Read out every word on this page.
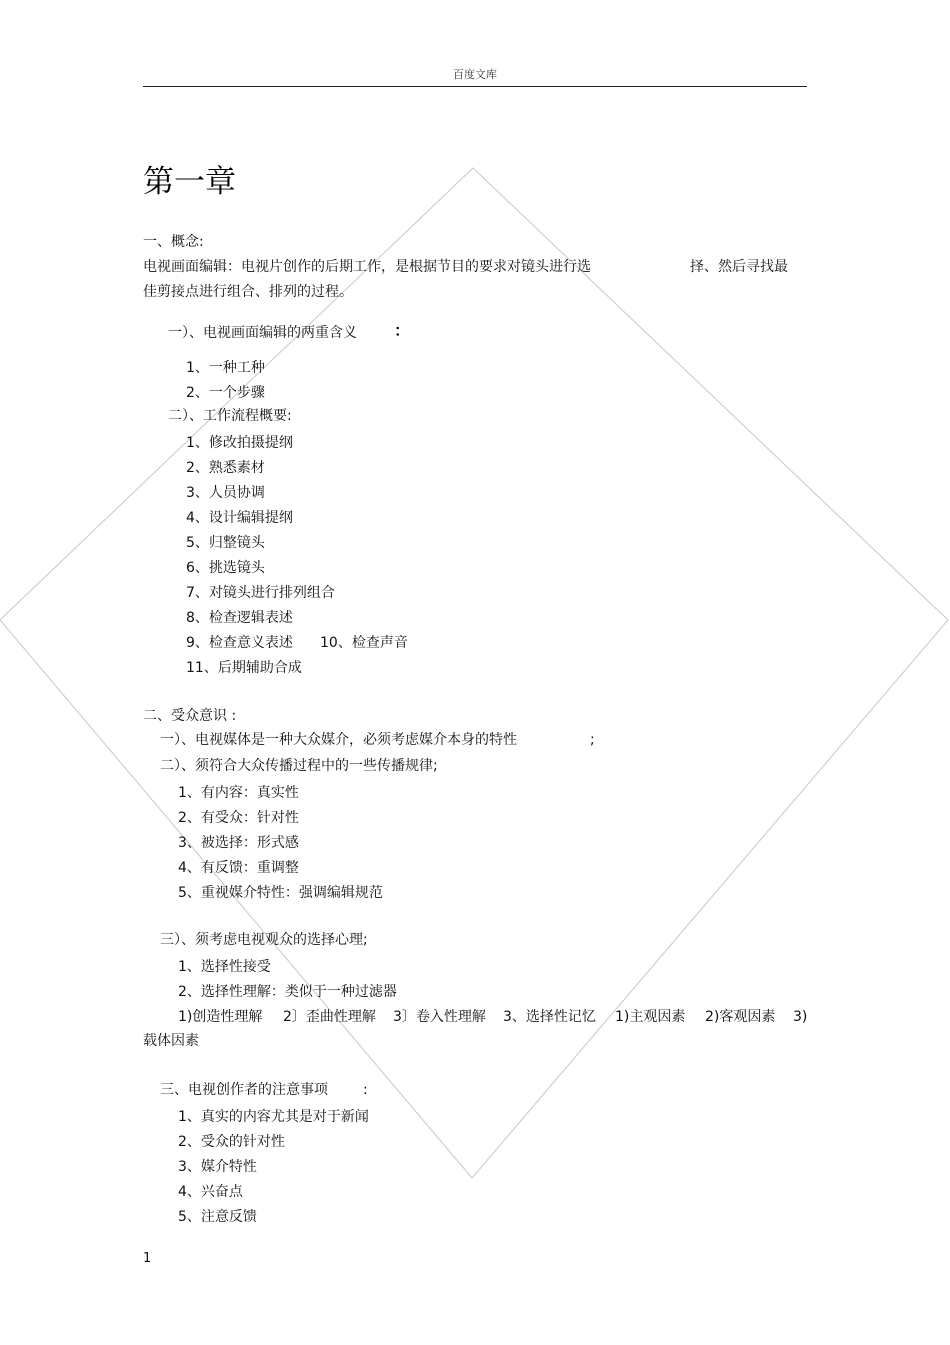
百度文库
第一章
一、概念:
电视画面编辑：电视片创作的后期工作，是根据节目的要求对镜头进行选	择、然后寻找最
佳剪接点进行组合、排列的过程。
一）、电视画面编辑的两重含义 ：
1、一种工种
2、一个步骤
二）、工作流程概要:
1、修改拍摄提纲
2、熟悉素材
3、人员协调
4、设计编辑提纲
5、归整镜头
6、挑选镜头
7、对镜头进行排列组合
8、检查逻辑表述
9、检查意义表述 10、检查声音
11、后期辅助合成
二、受众意识 :
一）、电视媒体是一种大众媒介，必须考虑媒介本身的特性	;
二）、须符合大众传播过程中的一些传播规律;
1、有内容：真实性
2、有受众：针对性
3、被选择：形式感
4、有反馈：重调整
5、重视媒介特性：强调编辑规范
三）、须考虑电视观众的选择心理;
1、选择性接受
2、选择性理解：类似于一种过滤器
1)创造性理解 2〕歪曲性理解 3〕卷入性理解 3、选择性记忆 1)主观因素 2)客观因素 3)
载体因素
三、电视创作者的注意事项	:
1、真实的内容尤其是对于新闻
2、受众的针对性
3、媒介特性
4、兴奋点
5、注意反馈
1
